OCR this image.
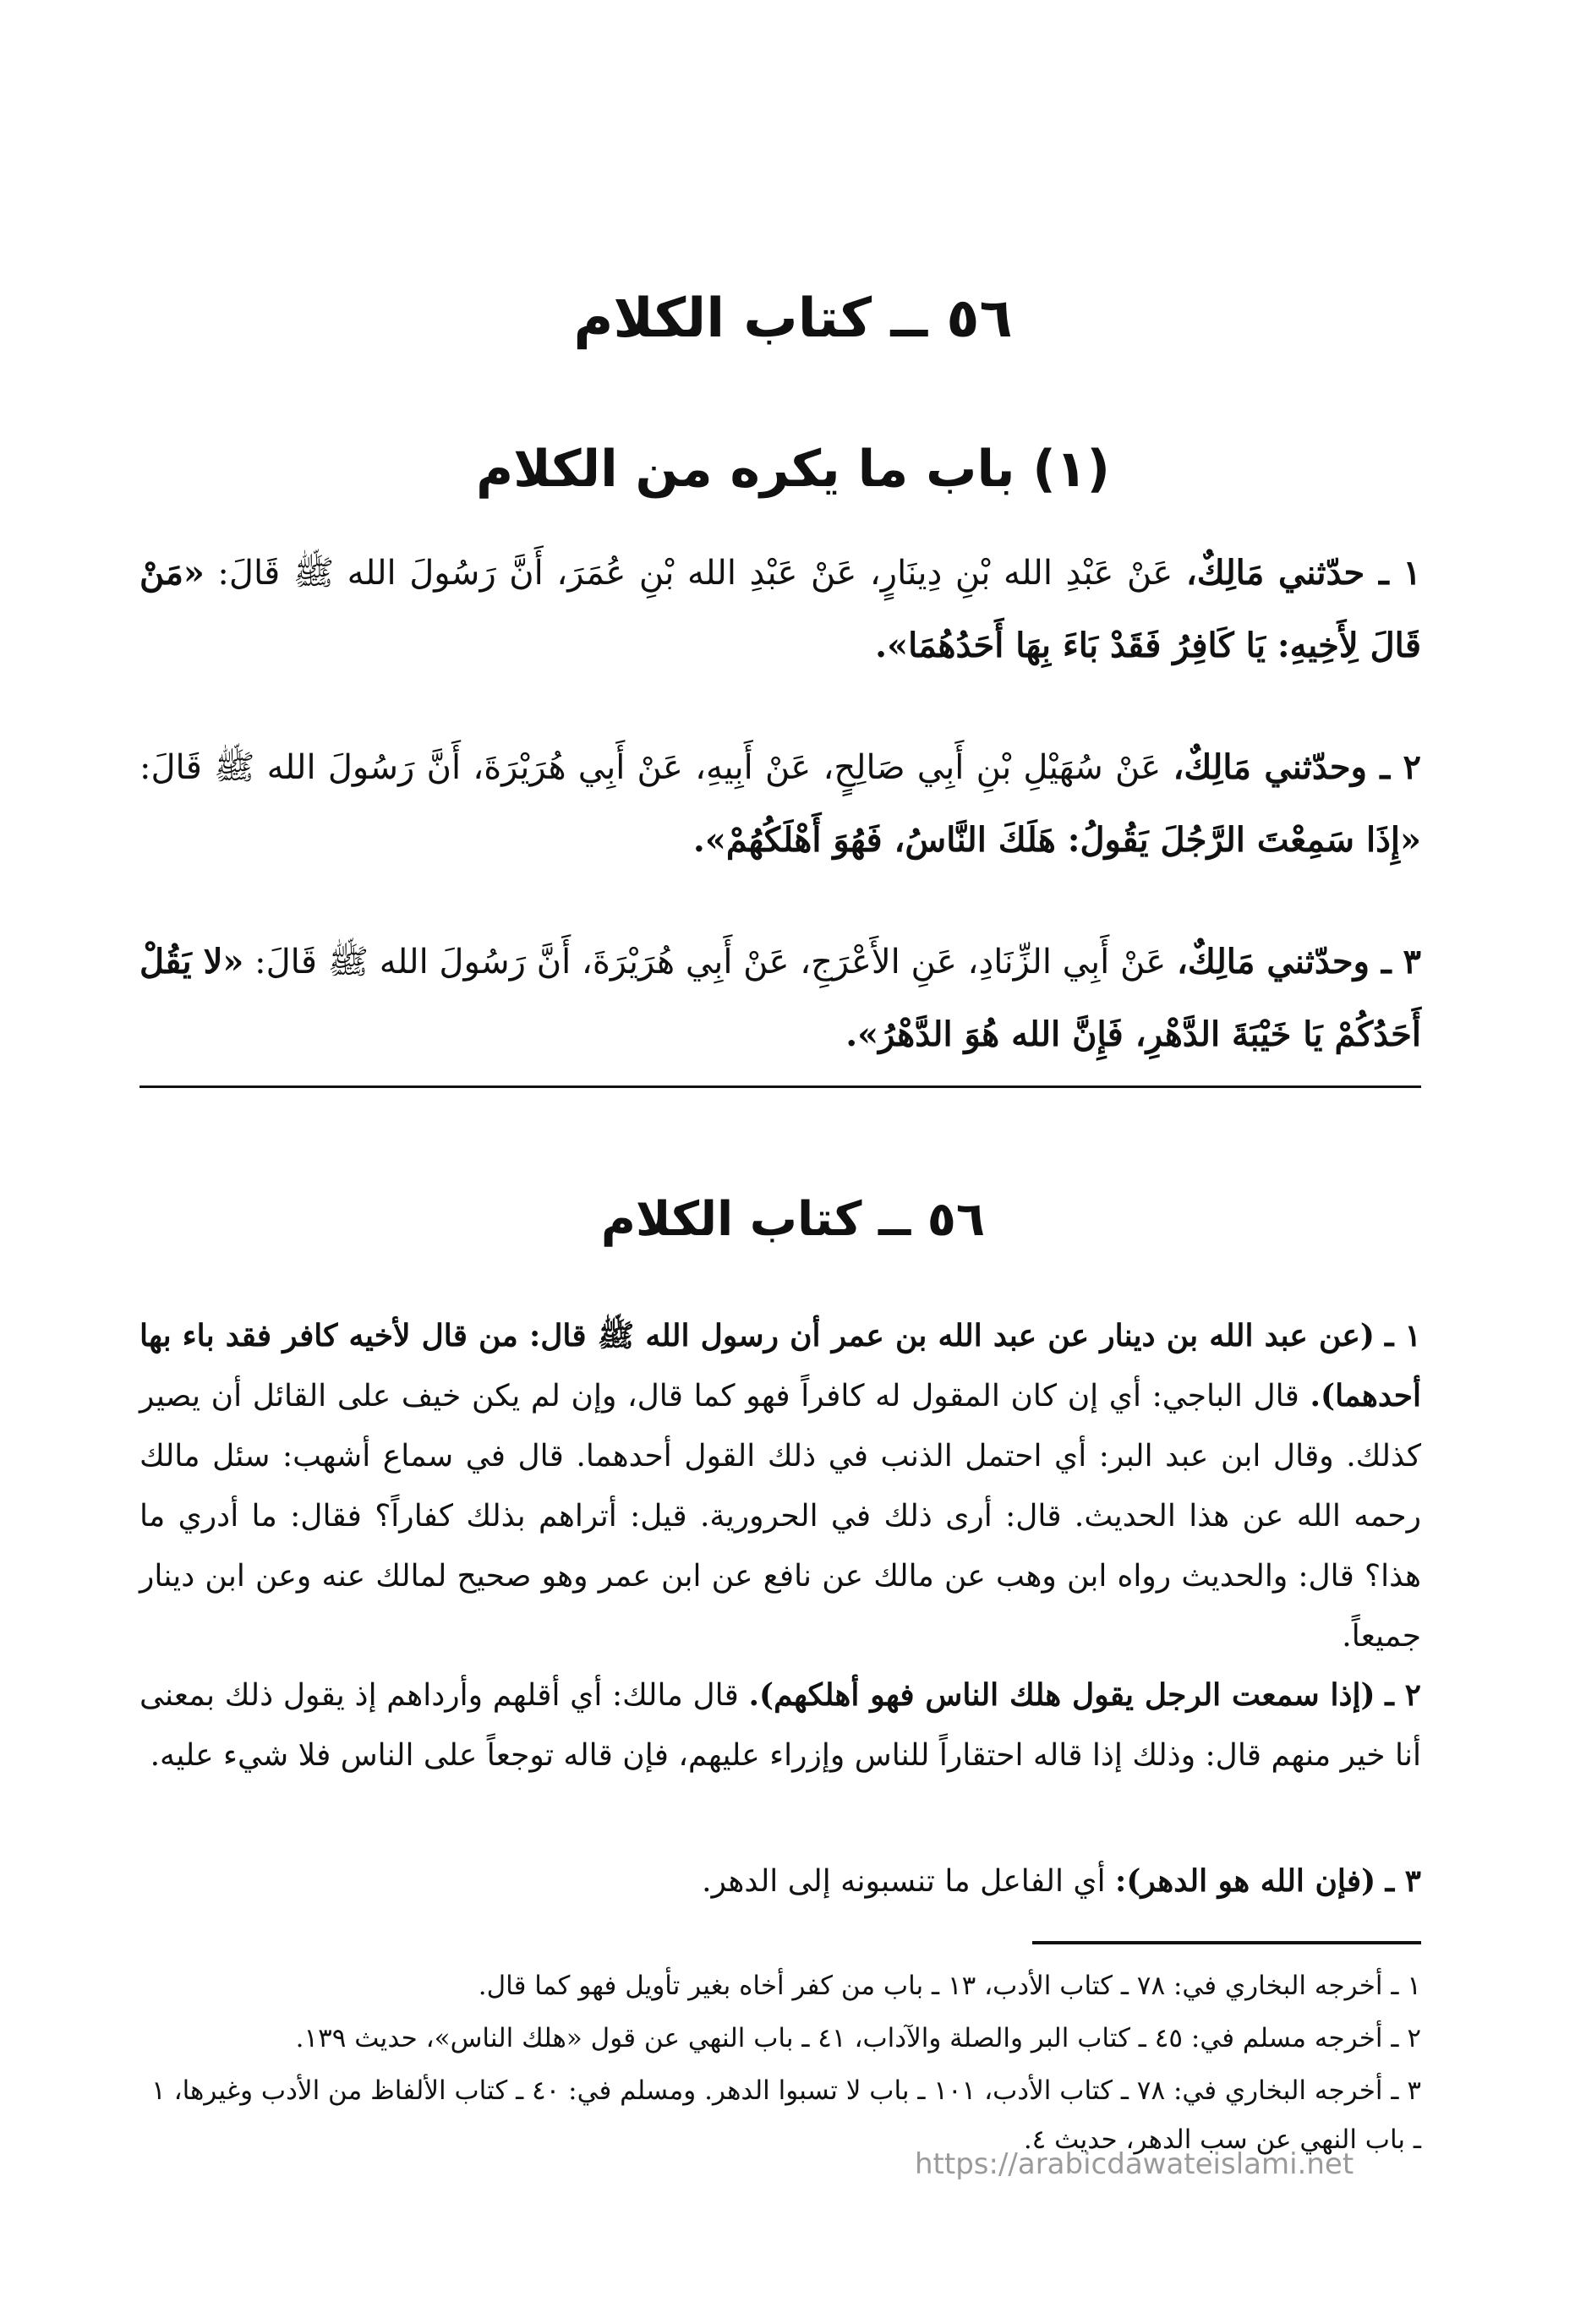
٥٦ ــ كتاب الكلام
(١) باب ما يكره من الكلام
١ ـ حدّثني مَالِكٌ، عَنْ عَبْدِ الله بْنِ دِينَارٍ، عَنْ عَبْدِ الله بْنِ عُمَرَ، أَنَّ رَسُولَ الله ﷺ قَالَ: «مَنْ قَالَ لِأَخِيهِ: يَا كَافِرُ فَقَدْ بَاءَ بِهَا أَحَدُهُمَا».
٢ ـ وحدّثني مَالِكٌ، عَنْ سُهَيْلِ بْنِ أَبِي صَالِحٍ، عَنْ أَبِيهِ، عَنْ أَبِي هُرَيْرَةَ، أَنَّ رَسُولَ الله ﷺ قَالَ: «إِذَا سَمِعْتَ الرَّجُلَ يَقُولُ: هَلَكَ النَّاسُ، فَهُوَ أَهْلَكُهُمْ».
٣ ـ وحدّثني مَالِكٌ، عَنْ أَبِي الزِّنَادِ، عَنِ الأَعْرَجِ، عَنْ أَبِي هُرَيْرَةَ، أَنَّ رَسُولَ الله ﷺ قَالَ: «لا يَقُلْ أَحَدُكُمْ يَا خَيْبَةَ الدَّهْرِ، فَإِنَّ الله هُوَ الدَّهْرُ».
٥٦ ــ كتاب الكلام
١ ـ (عن عبد الله بن دينار عن عبد الله بن عمر أن رسول الله ﷺ قال: من قال لأخيه كافر فقد باء بها أحدهما). قال الباجي: أي إن كان المقول له كافراً فهو كما قال، وإن لم يكن خيف على القائل أن يصير كذلك. وقال ابن عبد البر: أي احتمل الذنب في ذلك القول أحدهما. قال في سماع أشهب: سئل مالك رحمه الله عن هذا الحديث. قال: أرى ذلك في الحرورية. قيل: أتراهم بذلك كفاراً؟ فقال: ما أدري ما هذا؟ قال: والحديث رواه ابن وهب عن مالك عن نافع عن ابن عمر وهو صحيح لمالك عنه وعن ابن دينار جميعاً.
٢ ـ (إذا سمعت الرجل يقول هلك الناس فهو أهلكهم). قال مالك: أي أقلهم وأرداهم إذ يقول ذلك بمعنى أنا خير منهم قال: وذلك إذا قاله احتقاراً للناس وإزراء عليهم، فإن قاله توجعاً على الناس فلا شيء عليه.
٣ ـ (فإن الله هو الدهر): أي الفاعل ما تنسبونه إلى الدهر.

١ ـ أخرجه البخاري في: ٧٨ ـ كتاب الأدب، ١٣ ـ باب من كفر أخاه بغير تأويل فهو كما قال.

٢ ـ أخرجه مسلم في: ٤٥ ـ كتاب البر والصلة والآداب، ٤١ ـ باب النهي عن قول «هلك الناس»، حديث ١٣٩.

٣ ـ أخرجه البخاري في: ٧٨ ـ كتاب الأدب، ١٠١ ـ باب لا تسبوا الدهر. ومسلم في: ٤٠ ـ كتاب الألفاظ من الأدب وغيرها، ١ ـ باب النهي عن سب الدهر، حديث ٤.

https://arabicdawateislami.net
